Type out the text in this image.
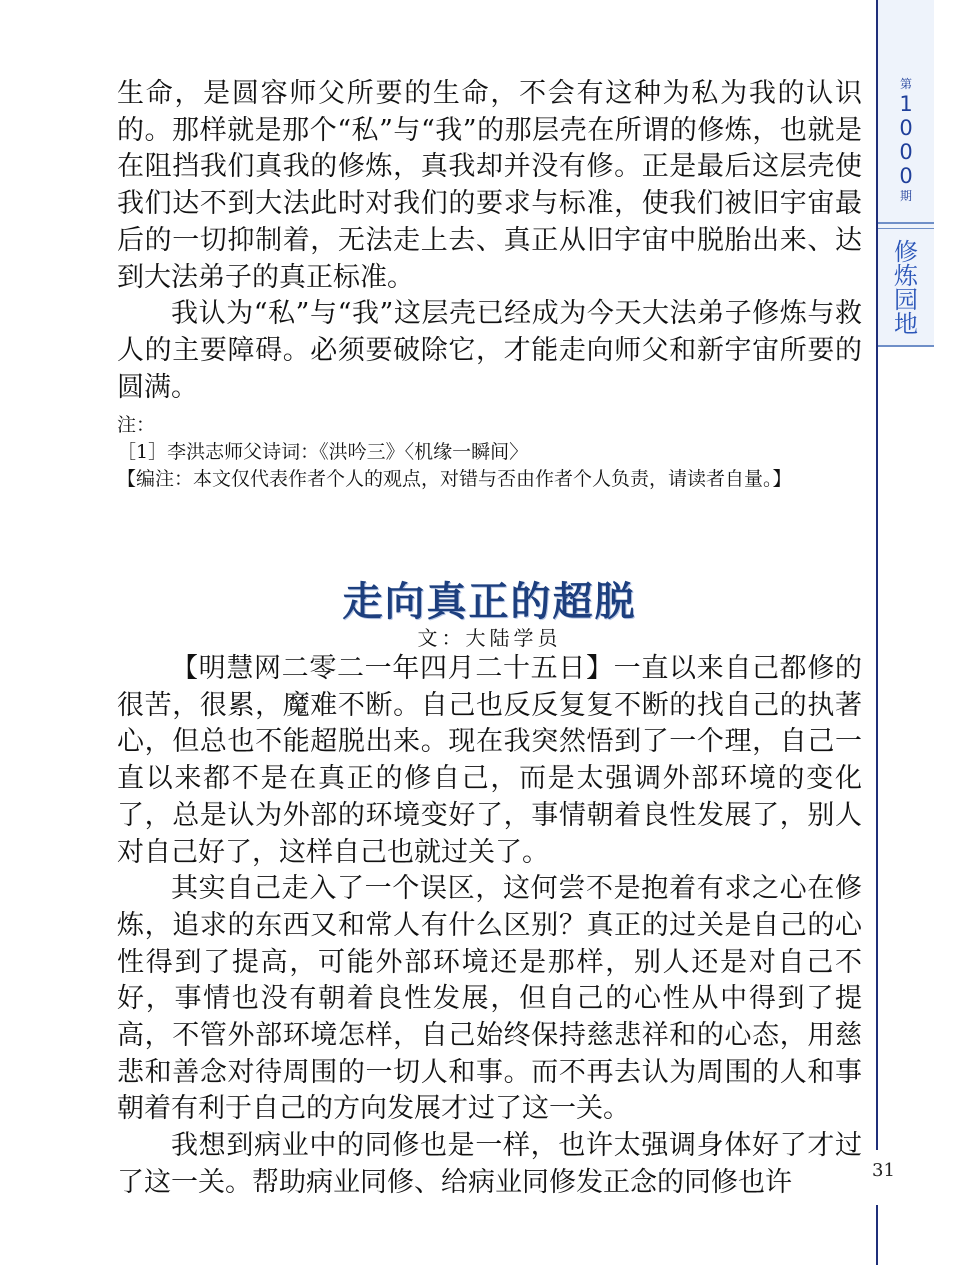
第
1
0
0
0
期
修
炼
园
地
31

生命，是圆容师父所要的生命，不会有这种为私为我的认识的。那样就是那个“私”与“我”的那层壳在所谓的修炼，也就是在阻挡我们真我的修炼，真我却并没有修。正是最后这层壳使我们达不到大法此时对我们的要求与标准，使我们被旧宇宙最后的一切抑制着，无法走上去、真正从旧宇宙中脱胎出来、达到大法弟子的真正标准。

我认为“私”与“我”这层壳已经成为今天大法弟子修炼与救人的主要障碍。必须要破除它，才能走向师父和新宇宙所要的圆满。

注：

［1］李洪志师父诗词：《洪吟三》〈机缘一瞬间〉

【编注：本文仅代表作者个人的观点，对错与否由作者个人负责，请读者自量。】

走向真正的超脱
文：大陆学员

【明慧网二零二一年四月二十五日】一直以来自己都修的很苦，很累，魔难不断。自己也反反复复不断的找自己的执著心，但总也不能超脱出来。现在我突然悟到了一个理，自己一直以来都不是在真正的修自己，而是太强调外部环境的变化了，总是认为外部的环境变好了，事情朝着良性发展了，别人对自己好了，这样自己也就过关了。

其实自己走入了一个误区，这何尝不是抱着有求之心在修炼，追求的东西又和常人有什么区别？真正的过关是自己的心性得到了提高，可能外部环境还是那样，别人还是对自己不好，事情也没有朝着良性发展，但自己的心性从中得到了提高，不管外部环境怎样，自己始终保持慈悲祥和的心态，用慈悲和善念对待周围的一切人和事。而不再去认为周围的人和事朝着有利于自己的方向发展才过了这一关。

我想到病业中的同修也是一样，也许太强调身体好了才过了这一关。帮助病业同修、给病业同修发正念的同修也许
